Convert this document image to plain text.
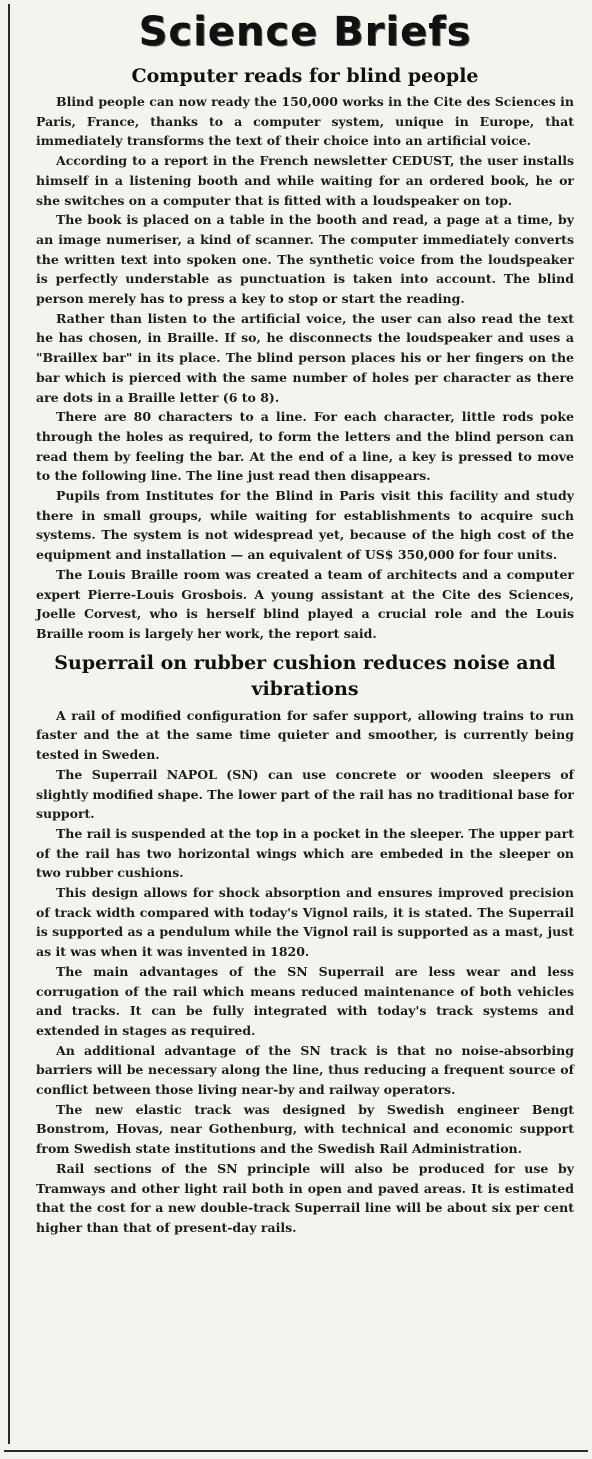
Science Briefs
Computer reads for blind people

Blind people can now ready the 150,000 works in the Cite des Sciences in Paris, France, thanks to a computer system, unique in Europe, that immediately transforms the text of their choice into an artificial voice.

According to a report in the French newsletter CEDUST, the user installs himself in a listening booth and while waiting for an ordered book, he or she switches on a computer that is fitted with a loudspeaker on top.

The book is placed on a table in the booth and read, a page at a time, by an image numeriser, a kind of scanner. The computer immediately converts the written text into spoken one. The synthetic voice from the loudspeaker is perfectly understable as punctuation is taken into account. The blind person merely has to press a key to stop or start the reading.

Rather than listen to the artificial voice, the user can also read the text he has chosen, in Braille. If so, he disconnects the loudspeaker and uses a "Braillex bar" in its place. The blind person places his or her fingers on the bar which is pierced with the same number of holes per character as there are dots in a Braille letter (6 to 8).

There are 80 characters to a line. For each character, little rods poke through the holes as required, to form the letters and the blind person can read them by feeling the bar. At the end of a line, a key is pressed to move to the following line. The line just read then disappears.

Pupils from Institutes for the Blind in Paris visit this facility and study there in small groups, while waiting for establishments to acquire such systems. The system is not widespread yet, because of the high cost of the equipment and installation — an equivalent of US$ 350,000 for four units.

The Louis Braille room was created a team of architects and a computer expert Pierre-Louis Grosbois. A young assistant at the Cite des Sciences, Joelle Corvest, who is herself blind played a crucial role and the Louis Braille room is largely her work, the report said.

Superrail on rubber cushion reduces noise and vibrations

A rail of modified configuration for safer support, allowing trains to run faster and the at the same time quieter and smoother, is currently being tested in Sweden.

The Superrail NAPOL (SN) can use concrete or wooden sleepers of slightly modified shape. The lower part of the rail has no traditional base for support.

The rail is suspended at the top in a pocket in the sleeper. The upper part of the rail has two horizontal wings which are embeded in the sleeper on two rubber cushions.

This design allows for shock absorption and ensures improved precision of track width compared with today's Vignol rails, it is stated. The Superrail is supported as a pendulum while the Vignol rail is supported as a mast, just as it was when it was invented in 1820.

The main advantages of the SN Superrail are less wear and less corrugation of the rail which means reduced maintenance of both vehicles and tracks. It can be fully integrated with today's track systems and extended in stages as required.

An additional advantage of the SN track is that no noise-absorbing barriers will be necessary along the line, thus reducing a frequent source of conflict between those living near-by and railway operators.

The new elastic track was designed by Swedish engineer Bengt Bonstrom, Hovas, near Gothenburg, with technical and economic support from Swedish state institutions and the Swedish Rail Administration.

Rail sections of the SN principle will also be produced for use by Tramways and other light rail both in open and paved areas. It is estimated that the cost for a new double-track Superrail line will be about six per cent higher than that of present-day rails.
